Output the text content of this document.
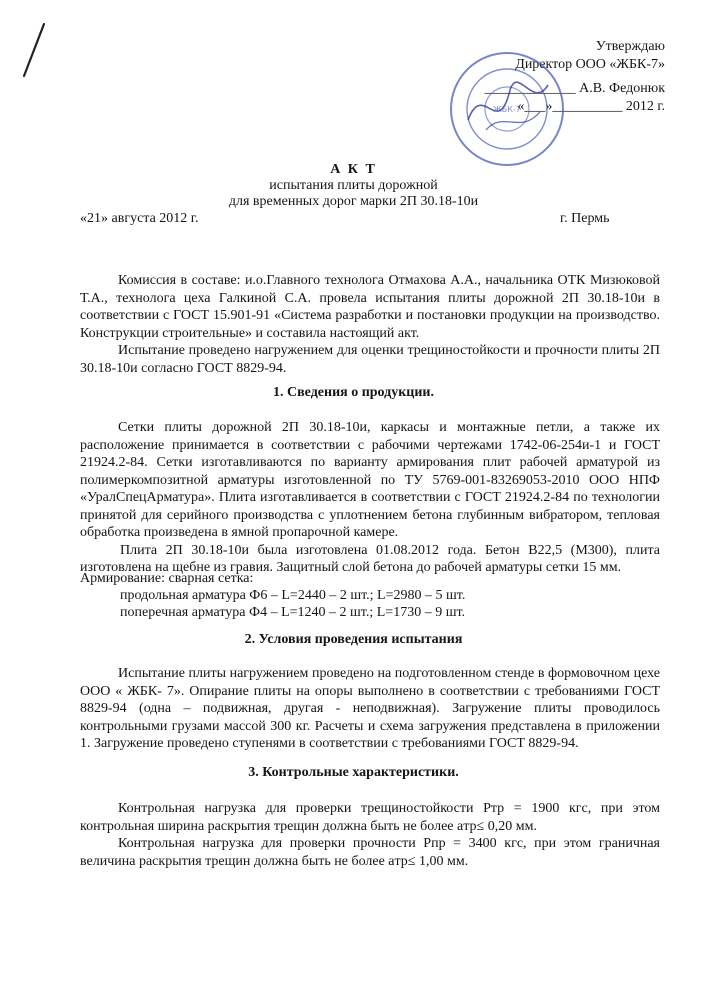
Утверждаю
Директор ООО «ЖБК-7»
_____________ А.В. Федонюк
«___»__________ 2012 г.
ЖБК-7
А К Т
испытания плиты дорожной
для временных дорог марки 2П 30.18-10и
«21» августа 2012 г.	г. Пермь

Комиссия в составе: и.о.Главного технолога Отмахова А.А., начальника ОТК Мизюковой Т.А., технолога цеха Галкиной С.А. провела испытания плиты дорожной 2П 30.18-10и в соответствии с ГОСТ 15.901-91 «Система разработки и постановки продукции на производство. Конструкции строительные» и составила настоящий акт.

Испытание проведено нагружением для оценки трещиностойкости и прочности плиты 2П 30.18-10и согласно ГОСТ 8829-94.

1. Сведения о продукции.

Сетки плиты дорожной 2П 30.18-10и, каркасы и монтажные петли, а также их расположение принимается в соответствии с рабочими чертежами 1742-06-254и-1 и ГОСТ 21924.2-84. Сетки изготавливаются по варианту армирования плит рабочей арматурой из полимеркомпозитной арматуры изготовленной по ТУ 5769-001-83269053-2010 ООО НПФ «УралСпецАрматура». Плита изготавливается в соответствии с ГОСТ 21924.2-84 по технологии принятой для серийного производства с уплотнением бетона глубинным вибратором, тепловая обработка произведена в ямной пропарочной камере.

Плита 2П 30.18-10и была изготовлена 01.08.2012 года. Бетон В22,5 (М300), плита изготовлена на щебне из гравия. Защитный слой бетона до рабочей арматуры сетки 15 мм.

Армирование: сварная сетка:
продольная арматура Ф6 – L=2440 – 2 шт.; L=2980 – 5 шт.
поперечная арматура Ф4 – L=1240 – 2 шт.; L=1730 – 9 шт.
2. Условия проведения испытания

Испытание плиты нагружением проведено на подготовленном стенде в формовочном цехе ООО « ЖБК- 7». Опирание плиты на опоры выполнено в соответствии с требованиями ГОСТ 8829-94 (одна – подвижная, другая - неподвижная). Загружение плиты проводилось контрольными грузами массой 300 кг. Расчеты и схема загружения представлена в приложении 1. Загружение проведено ступенями в соответствии с требованиями ГОСТ 8829-94.

3. Контрольные характеристики.

Контрольная нагрузка для проверки трещиностойкости Ртр = 1900 кгс, при этом контрольная ширина раскрытия трещин должна быть не более aтр≤ 0,20 мм.

Контрольная нагрузка для проверки прочности Рпр = 3400 кгс, при этом граничная величина раскрытия трещин должна быть не более aтр≤ 1,00 мм.
